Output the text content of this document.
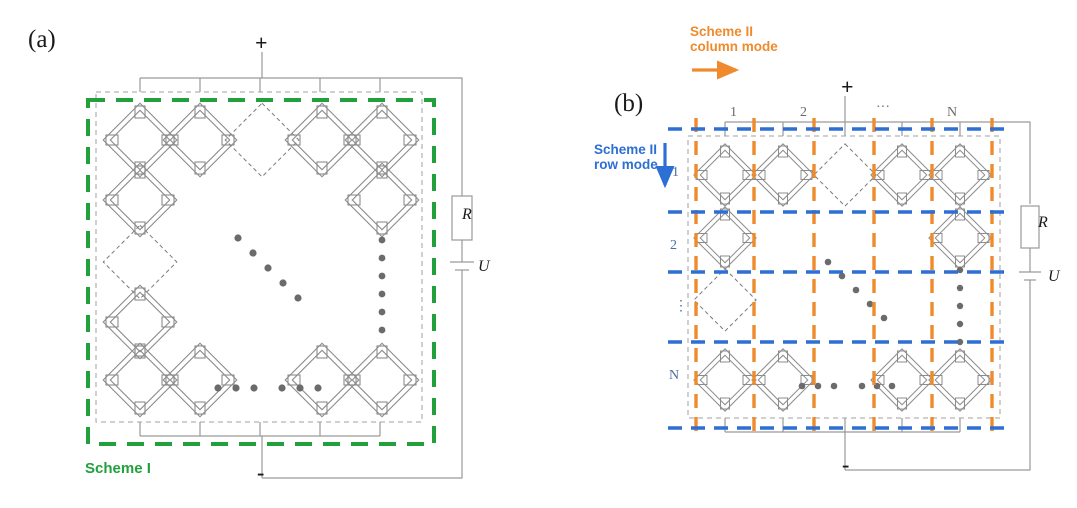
(a)	+
-
R
U
Scheme I
(b)
+
-
R
U
Scheme II
column mode
Scheme II
row mode
1	2	···	N
1
2
⋮
N
